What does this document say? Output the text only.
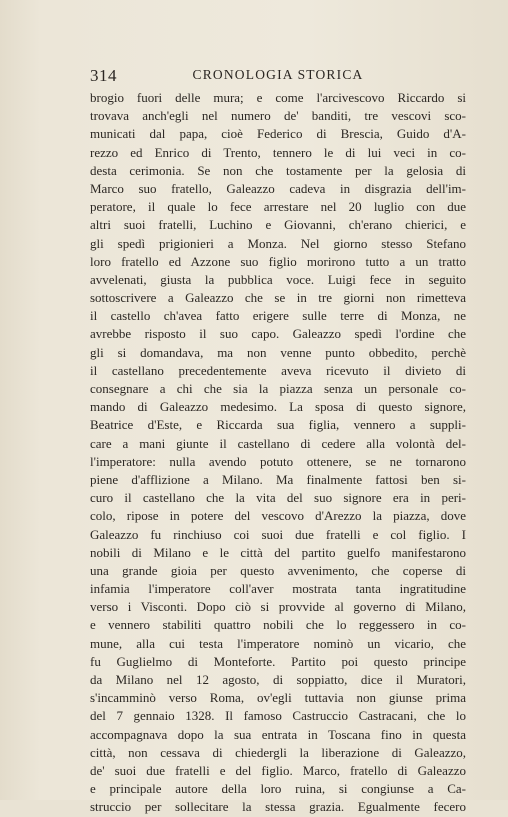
314	CRONOLOGIA STORICA
brogio fuori delle mura; e come l'arcivescovo Riccardo si
trovava anch'egli nel numero de' banditi, tre vescovi sco-
municati dal papa, cioè Federico di Brescia, Guido d'A-
rezzo ed Enrico di Trento, tennero le di lui veci in co-
desta cerimonia. Se non che tostamente per la gelosia di
Marco suo fratello, Galeazzo cadeva in disgrazia dell'im-
peratore, il quale lo fece arrestare nel 20 luglio con due
altri suoi fratelli, Luchino e Giovanni, ch'erano chierici, e
gli spedì prigionieri a Monza. Nel giorno stesso Stefano
loro fratello ed Azzone suo figlio morirono tutto a un tratto
avvelenati, giusta la pubblica voce. Luigi fece in seguito
sottoscrivere a Galeazzo che se in tre giorni non rimetteva
il castello ch'avea fatto erigere sulle terre di Monza, ne
avrebbe risposto il suo capo. Galeazzo spedì l'ordine che
gli si domandava, ma non venne punto obbedito, perchè
il castellano precedentemente aveva ricevuto il divieto di
consegnare a chi che sia la piazza senza un personale co-
mando di Galeazzo medesimo. La sposa di questo signore,
Beatrice d'Este, e Riccarda sua figlia, vennero a suppli-
care a mani giunte il castellano di cedere alla volontà del-
l'imperatore: nulla avendo potuto ottenere, se ne tornarono
piene d'afflizione a Milano. Ma finalmente fattosi ben si-
curo il castellano che la vita del suo signore era in peri-
colo, ripose in potere del vescovo d'Arezzo la piazza, dove
Galeazzo fu rinchiuso coi suoi due fratelli e col figlio. I
nobili di Milano e le città del partito guelfo manifestarono
una grande gioia per questo avvenimento, che coperse di
infamia l'imperatore coll'aver mostrata tanta ingratitudine
verso i Visconti. Dopo ciò si provvide al governo di Milano,
e vennero stabiliti quattro nobili che lo reggessero in co-
mune, alla cui testa l'imperatore nominò un vicario, che
fu Guglielmo di Monteforte. Partito poi questo principe
da Milano nel 12 agosto, di soppiatto, dice il Muratori,
s'incamminò verso Roma, ov'egli tuttavia non giunse prima
del 7 gennaio 1328. Il famoso Castruccio Castracani, che lo
accompagnava dopo la sua entrata in Toscana fino in questa
città, non cessava di chiedergli la liberazione di Galeazzo,
de' suoi due fratelli e del figlio. Marco, fratello di Galeazzo
e principale autore della loro ruina, si congiunse a Ca-
struccio per sollecitare la stessa grazia. Egualmente fecero
